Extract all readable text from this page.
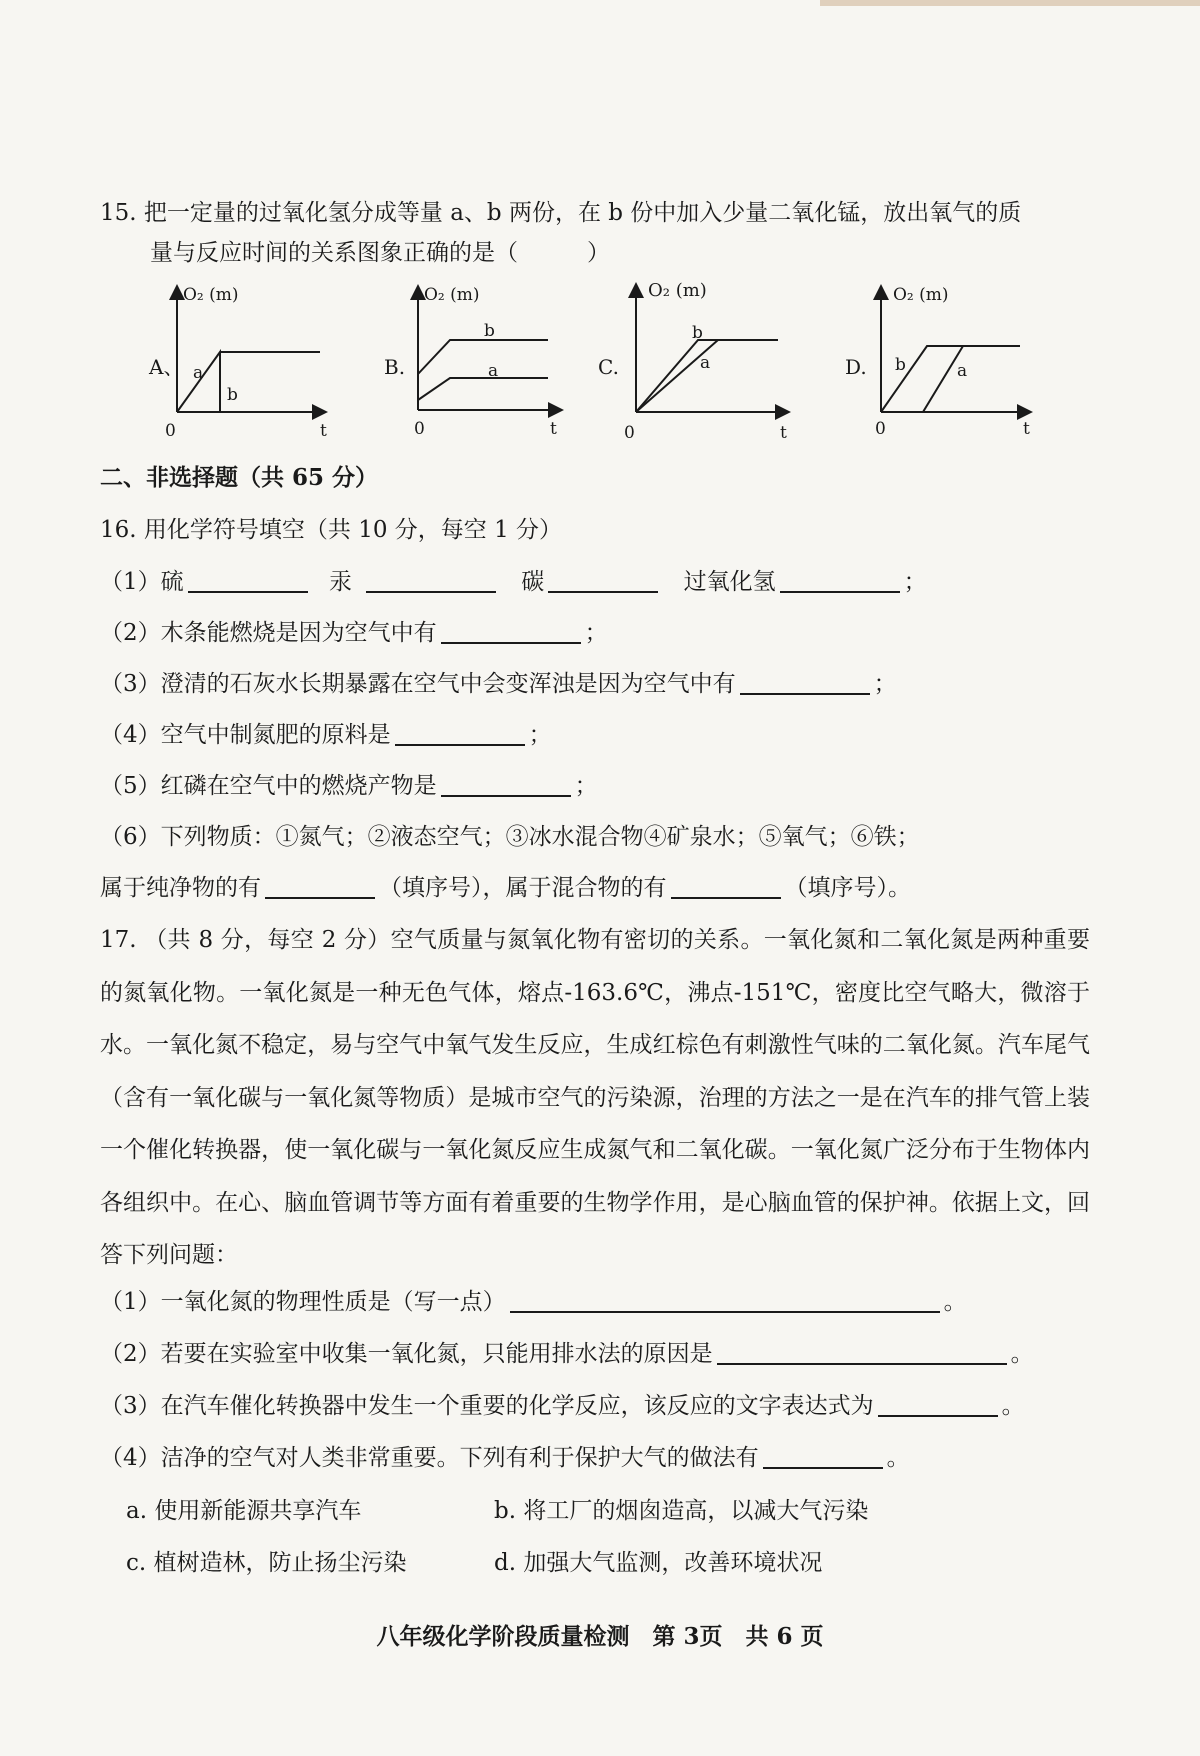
15. 把一定量的过氧化氢分成等量 a、b 两份，在 b 份中加入少量二氧化锰，放出氧气的质
量与反应时间的关系图象正确的是（　　　）
A、
O₂ (m)
a
b
0	t
B.
O₂ (m)
b
a
0	t
C.
O₂ (m)
b
a
0	t
D.
O₂ (m)
b	a
0	t
二、非选择题（共 65 分）
16. 用化学符号填空（共 10 分，每空 1 分）
（1）硫	汞	碳	过氧化氢	；
（2）木条能燃烧是因为空气中有	；
（3）澄清的石灰水长期暴露在空气中会变浑浊是因为空气中有	；
（4）空气中制氮肥的原料是	；
（5）红磷在空气中的燃烧产物是	；
（6）下列物质：①氮气；②液态空气；③冰水混合物④矿泉水；⑤氧气；⑥铁；
属于纯净物的有	（填序号），属于混合物的有	（填序号）。
17. （共 8 分，每空 2 分）空气质量与氮氧化物有密切的关系。一氧化氮和二氧化氮是两种重要的氮氧化物。一氧化氮是一种无色气体，熔点-163.6℃，沸点-151℃，密度比空气略大，微溶于水。一氧化氮不稳定，易与空气中氧气发生反应，生成红棕色有刺激性气味的二氧化氮。汽车尾气（含有一氧化碳与一氧化氮等物质）是城市空气的污染源，治理的方法之一是在汽车的排气管上装一个催化转换器，使一氧化碳与一氧化氮反应生成氮气和二氧化碳。一氧化氮广泛分布于生物体内各组织中。在心、脑血管调节等方面有着重要的生物学作用，是心脑血管的保护神。依据上文，回答下列问题：
（1）一氧化氮的物理性质是（写一点）	。
（2）若要在实验室中收集一氧化氮，只能用排水法的原因是	。
（3）在汽车催化转换器中发生一个重要的化学反应，该反应的文字表达式为	。
（4）洁净的空气对人类非常重要。下列有利于保护大气的做法有	。
a. 使用新能源共享汽车	b. 将工厂的烟囱造高，以减大气污染
c. 植树造林，防止扬尘污染	d. 加强大气监测，改善环境状况
八年级化学阶段质量检测　第 3页　共 6 页
